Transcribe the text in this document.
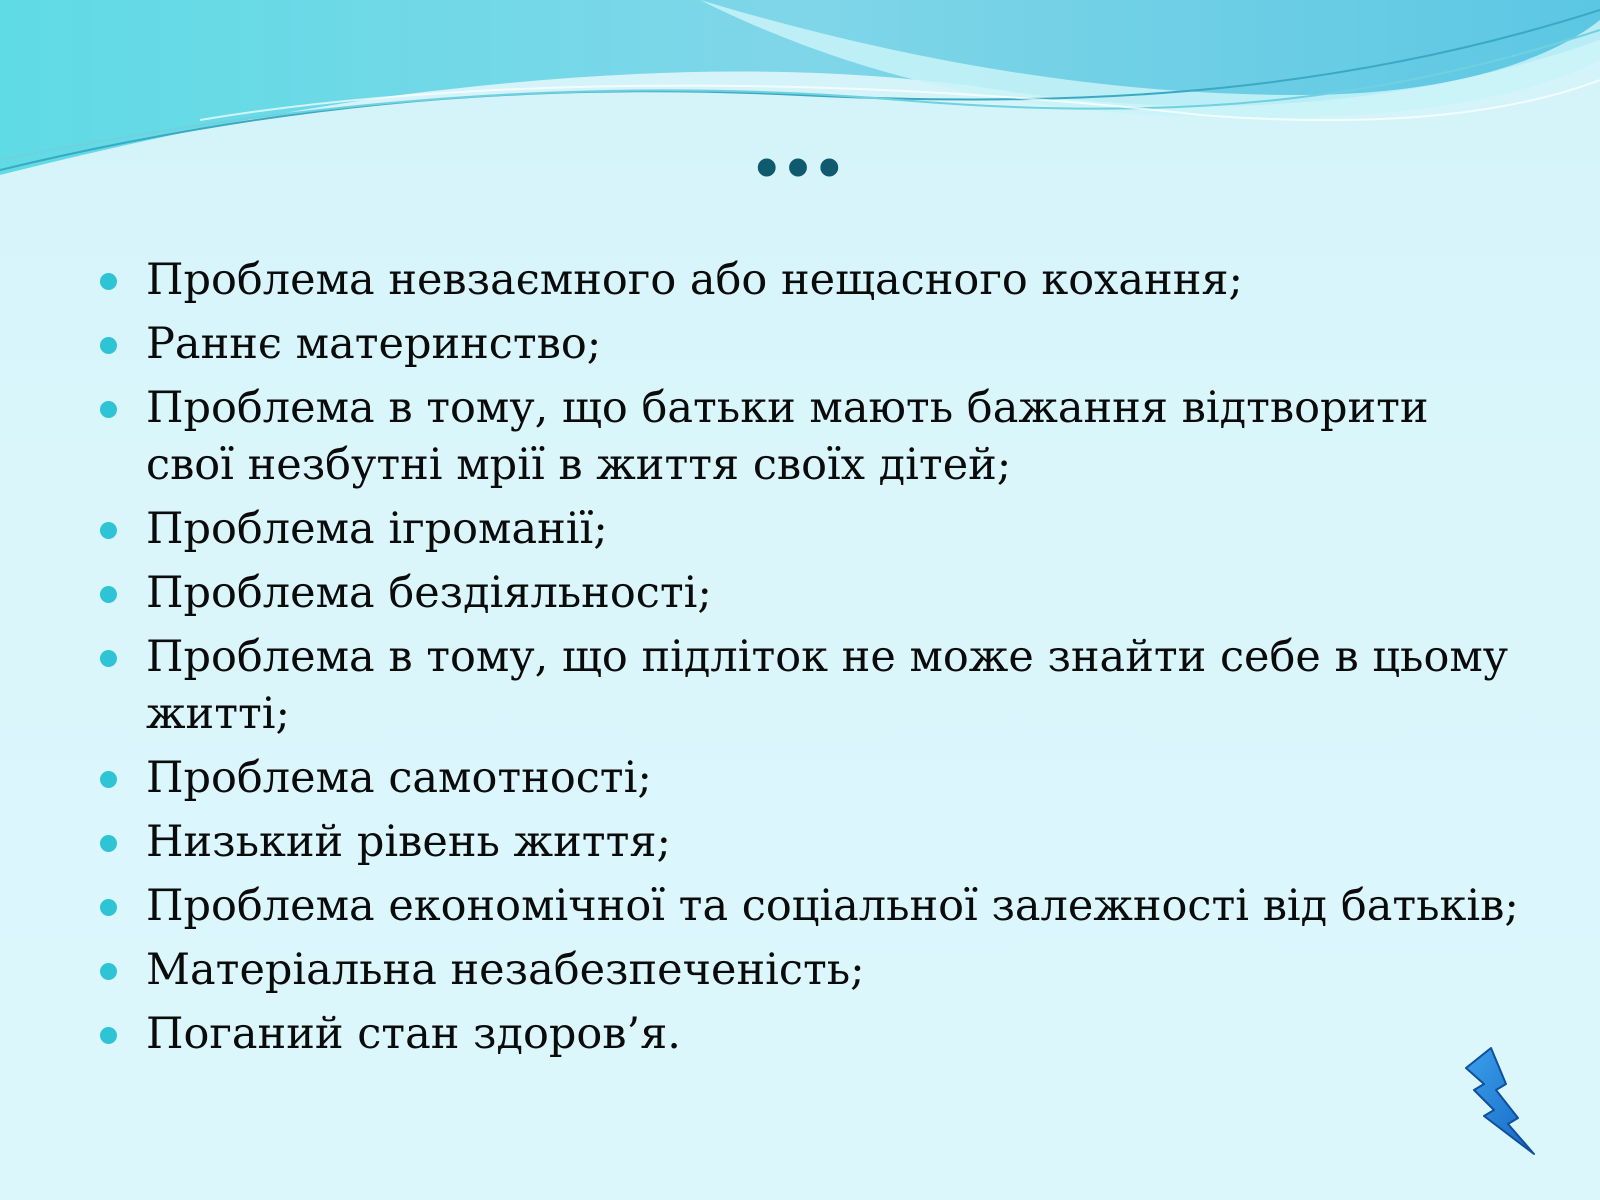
…
Проблема невзаємного або нещасного кохання;
Раннє материнство;
Проблема в тому, що батьки мають бажання відтворити свої незбутні мрії в життя своїх дітей;
Проблема ігроманії;
Проблема бездіяльності;
Проблема в тому, що підліток не може знайти себе в цьому житті;
Проблема самотності;
Низький рівень життя;
Проблема економічної та соціальної залежності від батьків;
Матеріальна незабезпеченість;
Поганий стан здоров’я.
